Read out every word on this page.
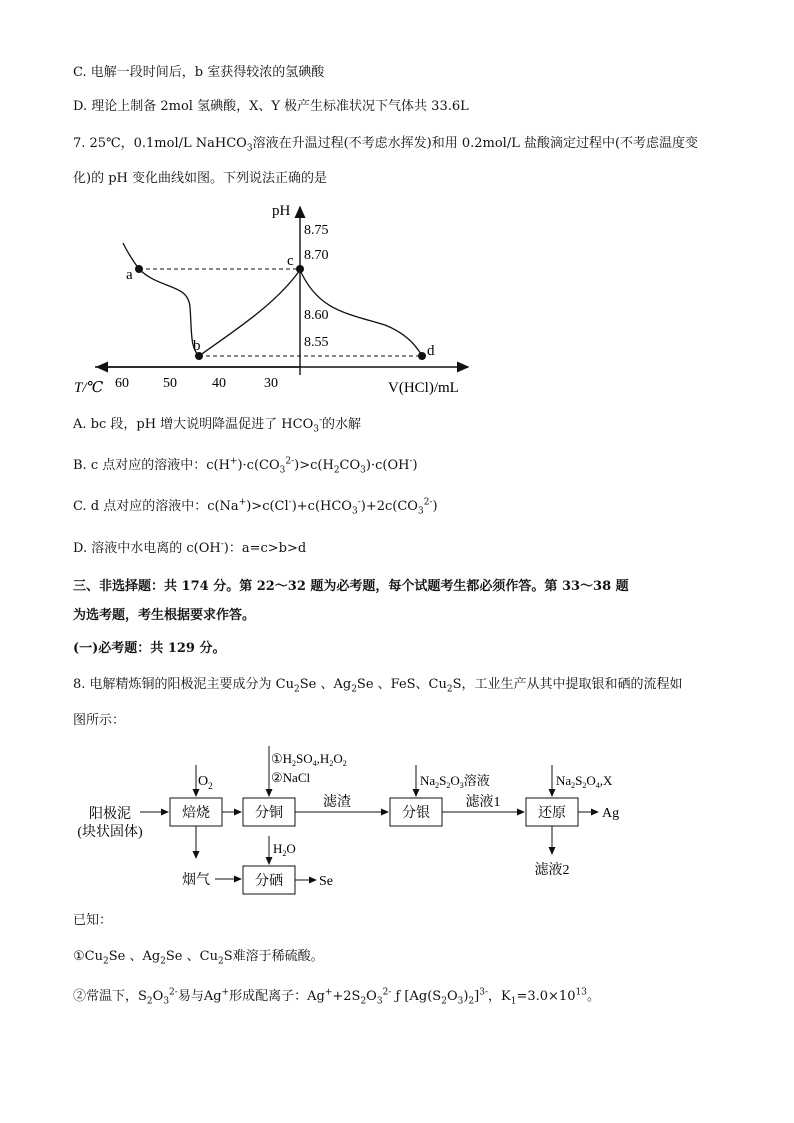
C. 电解一段时间后，b 室获得较浓的氢碘酸
D. 理论上制备 2mol 氢碘酸，X、Y 极产生标准状况下气体共 33.6L
7. 25℃，0.1mol/L NaHCO$_3$溶液在升温过程(不考虑水挥发)和用 0.2mol/L 盐酸滴定过程中(不考虑温度变
化)的 pH 变化曲线如图。下列说法正确的是
60 50	40	30
8.75
8.70
8.60
8.55
pH
T/℃	V(HCl)/mL
a
b
c
d
A. bc 段，pH 增大说明降温促进了 $HCO_3^-$的水解
B. c 点对应的溶液中：$c(H^+)\cdot c(CO_3^{2-})>c(H_2CO_3)\cdot c(OH^-)$
C. d 点对应的溶液中：$c(Na^+)>c(Cl^-)+c(HCO_3^-)+2c(CO_3^{2-})$
D. 溶液中水电离的 c(OH-)：a=c>b>d
三、非选择题：共 174 分。第 22～32 题为必考题，每个试题考生都必须作答。第 33～38 题
为选考题，考生根据要求作答。
(一)必考题：共 129 分。
8. 电解精炼铜的阳极泥主要成分为 $Cu_2Se$ 、$Ag_2Se$ 、FeS、$Cu_2S$，工业生产从其中提取银和硒的流程如
图所示：
阳极泥
(块状固体)
焙烧
$O_2$
烟气
分铜
$①H_2SO_4,H_2O_2$
②NaCl
滤渣
分银
$Na_2S_2O_3$溶液
滤液1
还原
$Na_2S_2O_4,X$
Ag
滤液2
分硒
$H_2O$
Se
已知：
$①Cu_2Se$ 、$Ag_2Se$ 、$Cu_2S$难溶于稀硫酸。
②常温下，$S_2O_3^{2-}$易与Ag+形成配离子：$Ag^++2S_2O_3^{2-}$ ƒ $[Ag(S_2O_3)_2]^{3-}$，$K_1=3.0\times 10^{13}$。
